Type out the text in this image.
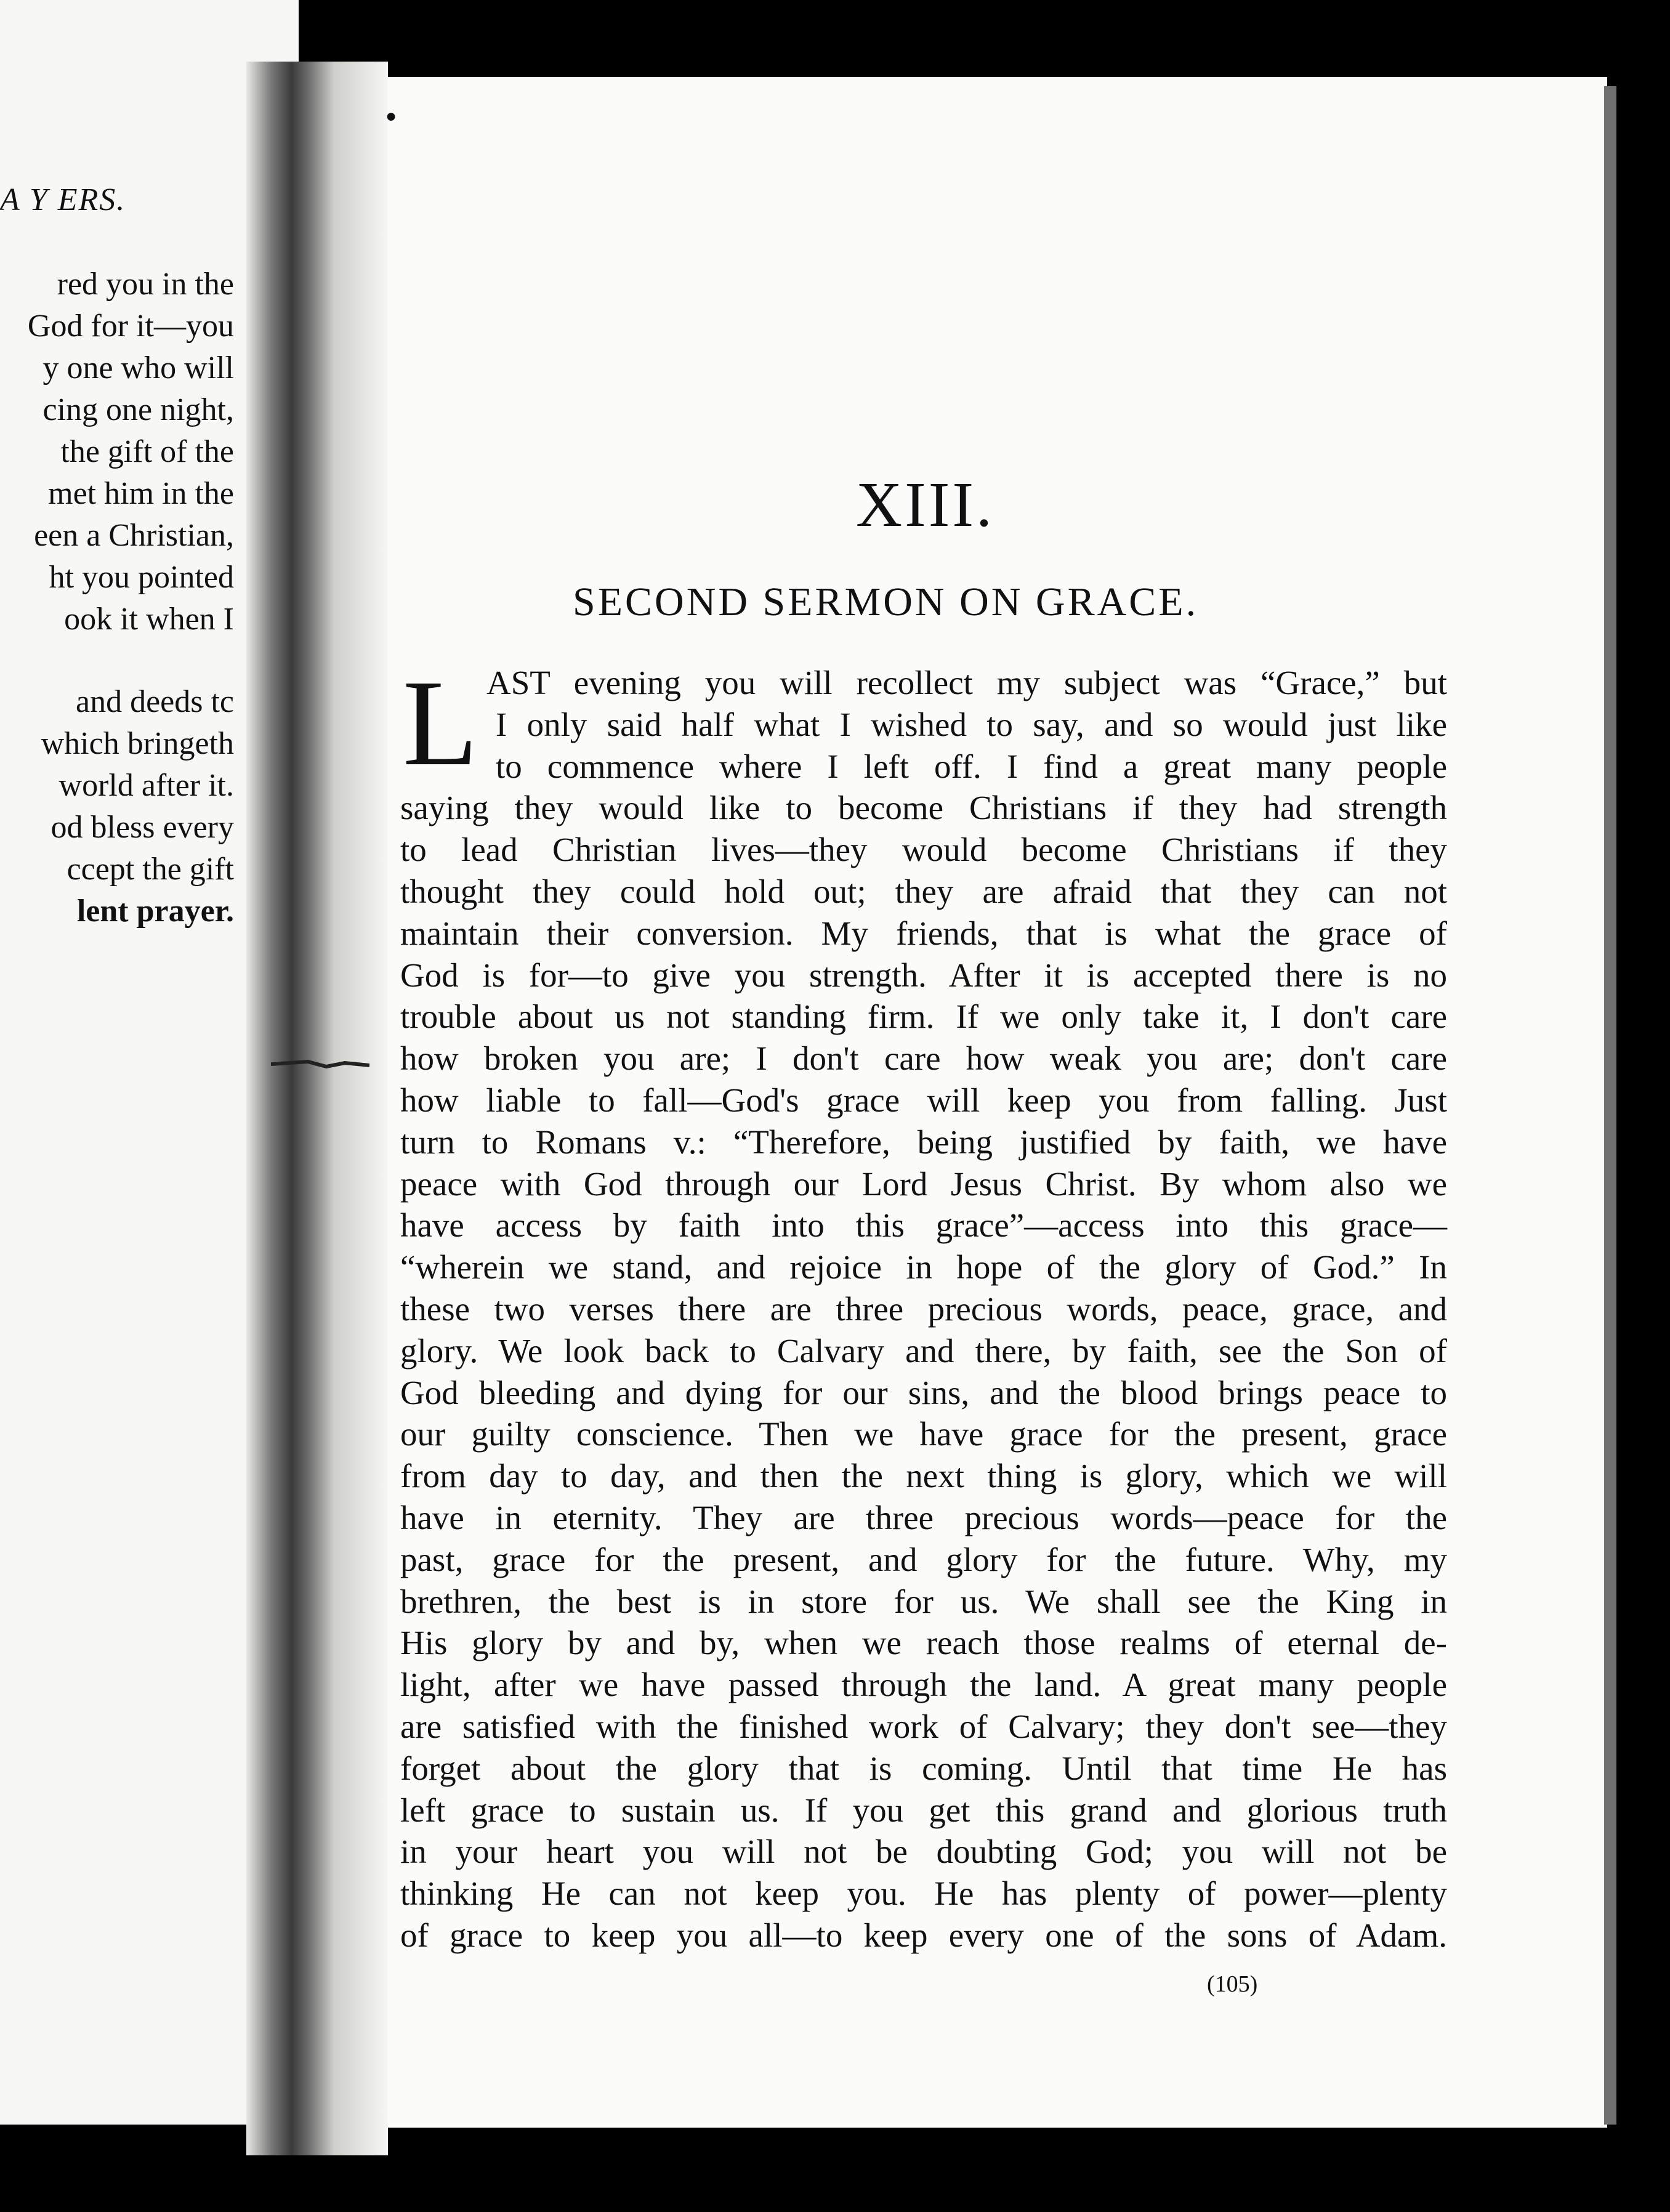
A Y ERS.
red you in the
God for it—you
y one who will
cing one night,
the gift of the
met him in the
een a Christian,
ht you pointed
ook it when I
and deeds tc
which bringeth
world after it.
od bless every
ccept the gift
lent prayer.
●
XIII.
SECOND SERMON ON GRACE.
L AST evening you will recollect my subject was “Grace,” but
I only said half what I wished to say, and so would just like
to commence where I left off. I find a great many people
saying they would like to become Christians if they had strength
to lead Christian lives—they would become Christians if they
thought they could hold out; they are afraid that they can not
maintain their conversion. My friends, that is what the grace of
God is for—to give you strength. After it is accepted there is no
trouble about us not standing firm. If we only take it, I don't care
how broken you are; I don't care how weak you are; don't care
how liable to fall—God's grace will keep you from falling. Just
turn to Romans v.: “Therefore, being justified by faith, we have
peace with God through our Lord Jesus Christ. By whom also we
have access by faith into this grace”—access into this grace—
“wherein we stand, and rejoice in hope of the glory of God.” In
these two verses there are three precious words, peace, grace, and
glory. We look back to Calvary and there, by faith, see the Son of
God bleeding and dying for our sins, and the blood brings peace to
our guilty conscience. Then we have grace for the present, grace
from day to day, and then the next thing is glory, which we will
have in eternity. They are three precious words—peace for the
past, grace for the present, and glory for the future. Why, my
brethren, the best is in store for us. We shall see the King in
His glory by and by, when we reach those realms of eternal de-
light, after we have passed through the land. A great many people
are satisfied with the finished work of Calvary; they don't see—they
forget about the glory that is coming. Until that time He has
left grace to sustain us. If you get this grand and glorious truth
in your heart you will not be doubting God; you will not be
thinking He can not keep you. He has plenty of power—plenty
of grace to keep you all—to keep every one of the sons of Adam.
(105)
